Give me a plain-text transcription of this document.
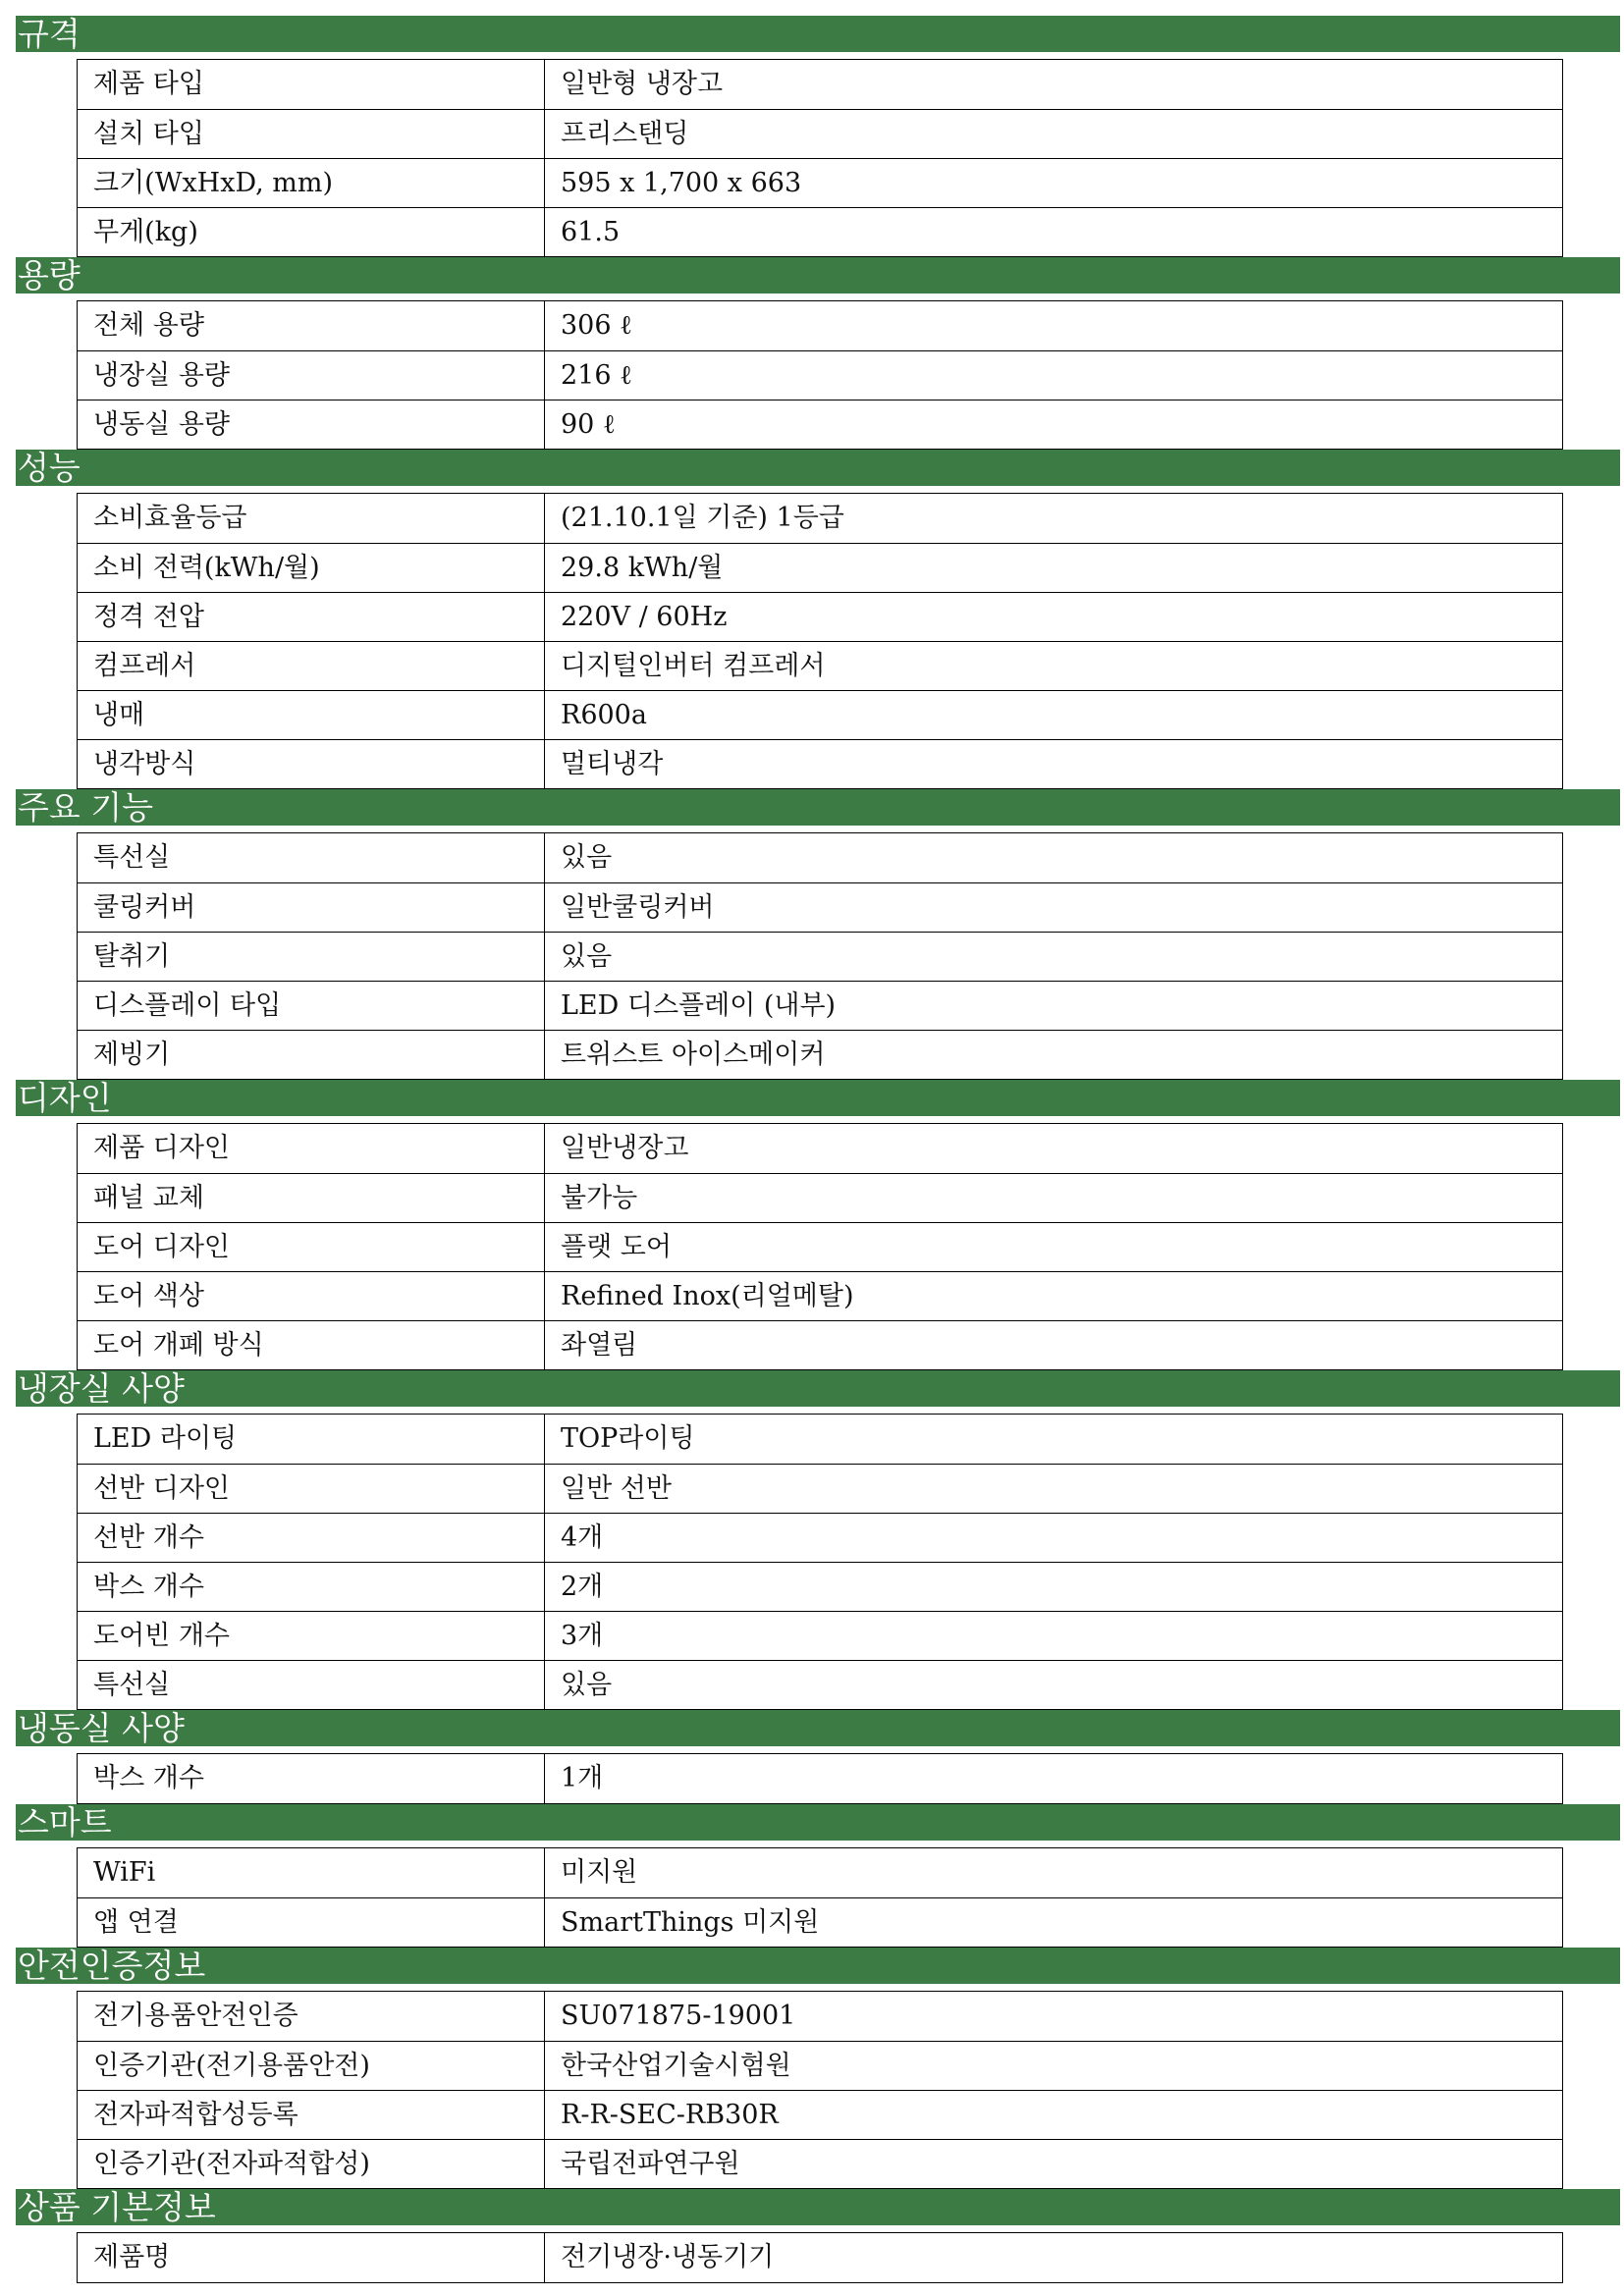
규격
제품 타입	일반형 냉장고
설치 타입	프리스탠딩
크기(WxHxD, mm)	595 x 1,700 x 663
무게(kg)	61.5
용량
전체 용량	306 ℓ
냉장실 용량	216 ℓ
냉동실 용량	90 ℓ
성능
소비효율등급	(21.10.1일 기준) 1등급
소비 전력(kWh/월)	29.8 kWh/월
정격 전압	220V / 60Hz
컴프레서	디지털인버터 컴프레서
냉매	R600a
냉각방식	멀티냉각
주요 기능
특선실	있음
쿨링커버	일반쿨링커버
탈취기	있음
디스플레이 타입	LED 디스플레이 (내부)
제빙기	트위스트 아이스메이커
디자인
제품 디자인	일반냉장고
패널 교체	불가능
도어 디자인	플랫 도어
도어 색상	Refined Inox(리얼메탈)
도어 개폐 방식	좌열림
냉장실 사양
LED 라이팅	TOP라이팅
선반 디자인	일반 선반
선반 개수	4개
박스 개수	2개
도어빈 개수	3개
특선실	있음
냉동실 사양
박스 개수	1개
스마트
WiFi	미지원
앱 연결	SmartThings 미지원
안전인증정보
전기용품안전인증	SU071875-19001
인증기관(전기용품안전)	한국산업기술시험원
전자파적합성등록	R-R-SEC-RB30R
인증기관(전자파적합성)	국립전파연구원
상품 기본정보
제품명	전기냉장·냉동기기
